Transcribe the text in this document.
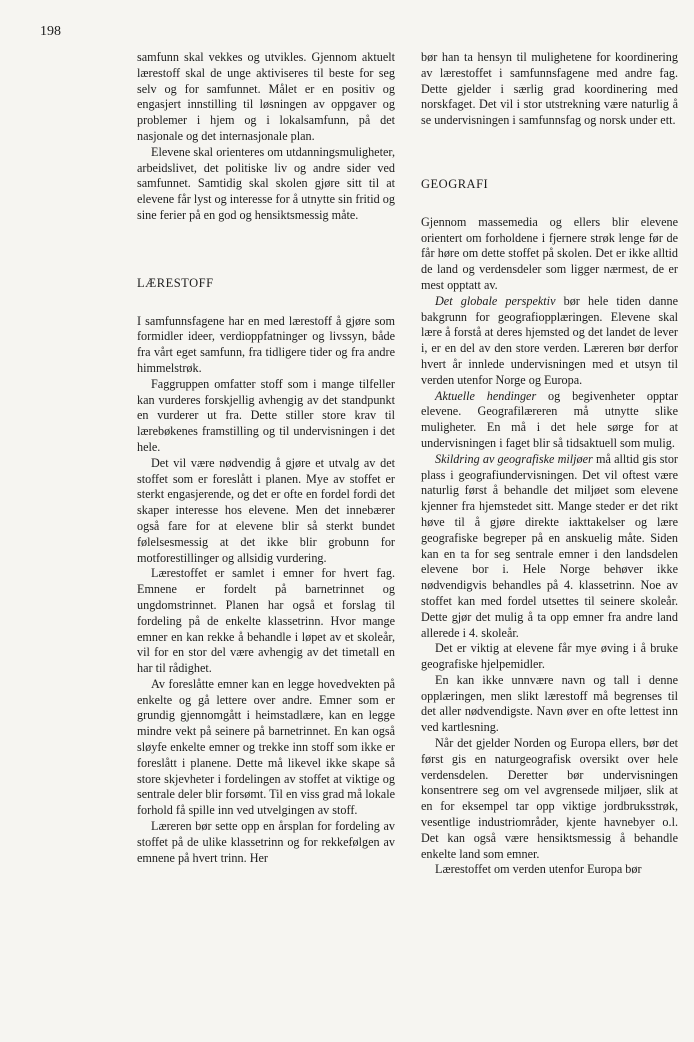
198

samfunn skal vekkes og utvikles. Gjennom aktuelt lærestoff skal de unge aktiviseres til beste for seg selv og for samfunnet. Målet er en positiv og engasjert innstilling til løsningen av oppgaver og problemer i hjem og i lokalsamfunn, på det nasjonale og det internasjonale plan.

Elevene skal orienteres om utdanningsmuligheter, arbeidslivet, det politiske liv og andre sider ved samfunnet. Samtidig skal skolen gjøre sitt til at elevene får lyst og interesse for å utnytte sin fritid og sine ferier på en god og hensiktsmessig måte.

LÆRESTOFF

I samfunnsfagene har en med lærestoff å gjøre som formidler ideer, verdioppfatninger og livssyn, både fra vårt eget samfunn, fra tidligere tider og fra andre himmelstrøk.

Faggruppen omfatter stoff som i mange tilfeller kan vurderes forskjellig avhengig av det standpunkt en vurderer ut fra. Dette stiller store krav til lærebøkenes framstilling og til undervisningen i det hele.

Det vil være nødvendig å gjøre et utvalg av det stoffet som er foreslått i planen. Mye av stoffet er sterkt engasjerende, og det er ofte en fordel fordi det skaper interesse hos elevene. Men det innebærer også fare for at elevene blir så sterkt bundet følelsesmessig at det ikke blir grobunn for motforestillinger og allsidig vurdering.

Lærestoffet er samlet i emner for hvert fag. Emnene er fordelt på barnetrinnet og ungdomstrinnet. Planen har også et forslag til fordeling på de enkelte klassetrinn. Hvor mange emner en kan rekke å behandle i løpet av et skoleår, vil for en stor del være avhengig av det timetall en har til rådighet.

Av foreslåtte emner kan en legge hovedvekten på enkelte og gå lettere over andre. Emner som er grundig gjennomgått i heimstadlære, kan en legge mindre vekt på seinere på barnetrinnet. En kan også sløyfe enkelte emner og trekke inn stoff som ikke er foreslått i planene. Dette må likevel ikke skape så store skjevheter i fordelingen av stoffet at viktige og sentrale deler blir forsømt. Til en viss grad må lokale forhold få spille inn ved utvelgingen av stoff.

Læreren bør sette opp en årsplan for fordeling av stoffet på de ulike klassetrinn og for rekkefølgen av emnene på hvert trinn. Her

bør han ta hensyn til mulighetene for koordinering av lærestoffet i samfunnsfagene med andre fag. Dette gjelder i særlig grad koordinering med norskfaget. Det vil i stor utstrekning være naturlig å se undervisningen i samfunnsfag og norsk under ett.

GEOGRAFI

Gjennom massemedia og ellers blir elevene orientert om forholdene i fjernere strøk lenge før de får høre om dette stoffet på skolen. Det er ikke alltid de land og verdensdeler som ligger nærmest, de er mest opptatt av.

Det globale perspektiv bør hele tiden danne bakgrunn for geografiopplæringen. Elevene skal lære å forstå at deres hjemsted og det landet de lever i, er en del av den store verden. Læreren bør derfor hvert år innlede undervisningen med et utsyn til verden utenfor Norge og Europa.

Aktuelle hendinger og begivenheter opptar elevene. Geografilæreren må utnytte slike muligheter. En må i det hele sørge for at undervisningen i faget blir så tidsaktuell som mulig.

Skildring av geografiske miljøer må alltid gis stor plass i geografiundervisningen. Det vil oftest være naturlig først å behandle det miljøet som elevene kjenner fra hjemstedet sitt. Mange steder er det rikt høve til å gjøre direkte iakttakelser og lære geografiske begreper på en anskuelig måte. Siden kan en ta for seg sentrale emner i den landsdelen elevene bor i. Hele Norge behøver ikke nødvendigvis behandles på 4. klassetrinn. Noe av stoffet kan med fordel utsettes til seinere skoleår. Dette gjør det mulig å ta opp emner fra andre land allerede i 4. skoleår.

Det er viktig at elevene får mye øving i å bruke geografiske hjelpemidler.

En kan ikke unnvære navn og tall i denne opplæringen, men slikt lærestoff må begrenses til det aller nødvendigste. Navn øver en ofte lettest inn ved kartlesning.

Når det gjelder Norden og Europa ellers, bør det først gis en naturgeografisk oversikt over hele verdensdelen. Deretter bør undervisningen konsentrere seg om vel avgrensede miljøer, slik at en for eksempel tar opp viktige jordbruksstrøk, vesentlige industriområder, kjente havnebyer o.l. Det kan også være hensiktsmessig å behandle enkelte land som emner.

Lærestoffet om verden utenfor Europa bør
